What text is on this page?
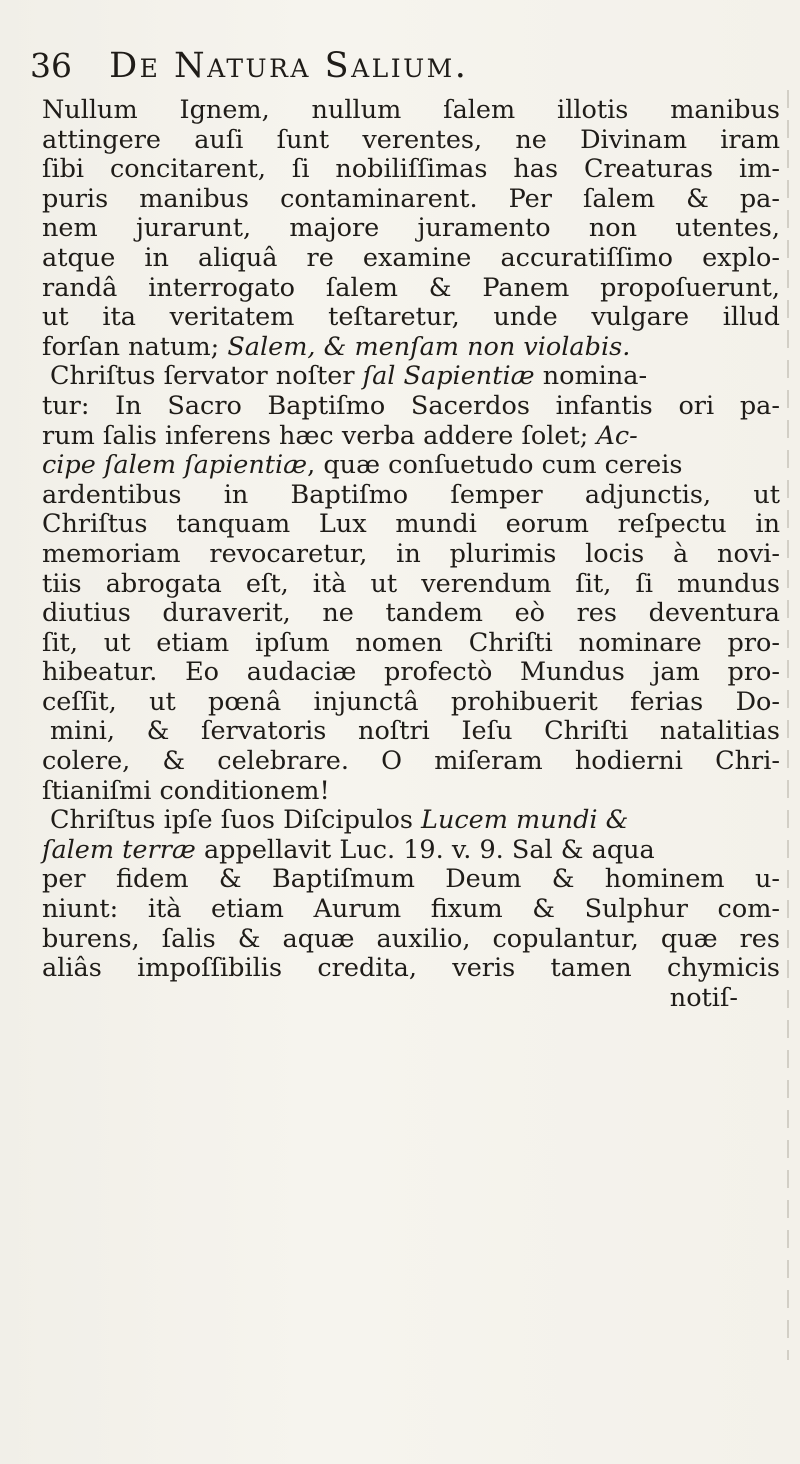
36 De Natura Salium.
Nullum Ignem, nullum ſalem illotis manibus
attingere auſi ſunt verentes, ne Divinam iram
ſibi concitarent, ſi nobiliſſimas has Creaturas im-
puris manibus contaminarent. Per ſalem & pa-
nem jurarunt, majore juramento non utentes,
atque in aliquâ re examine accuratiſſimo explo-
randâ interrogato ſalem & Panem propoſuerunt,
ut ita veritatem teſtaretur, unde vulgare illud
forſan natum; Salem, & menſam non violabis.
Chriſtus ſervator noſter ſal Sapientiæ nomina-
tur: In Sacro Baptiſmo Sacerdos infantis ori pa-
rum ſalis inferens hæc verba addere ſolet; Ac-
cipe ſalem ſapientiæ, quæ conſuetudo cum cereis
ardentibus in Baptiſmo ſemper adjunctis, ut
Chriſtus tanquam Lux mundi eorum reſpectu in
memoriam revocaretur, in plurimis locis à novi-
tiis abrogata eſt, ità ut verendum ſit, ſi mundus
diutius duraverit, ne tandem eò res deventura
ſit, ut etiam ipſum nomen Chriſti nominare pro-
hibeatur. Eo audaciæ profectò Mundus jam pro-
ceſſit, ut pœnâ injunctâ prohibuerit ferias Do-
mini, & ſervatoris noſtri Ieſu Chriſti natalitias
colere, & celebrare. O miſeram hodierni Chri-
ſtianiſmi conditionem!
Chriſtus ipſe ſuos Diſcipulos Lucem mundi &
ſalem terræ appellavit Luc. 19. v. 9. Sal & aqua
per fidem & Baptiſmum Deum & hominem u-
niunt: ità etiam Aurum fixum & Sulphur com-
burens, ſalis & aquæ auxilio, copulantur, quæ res
aliâs impoſſibilis credita, veris tamen chymicis
notiſ-
